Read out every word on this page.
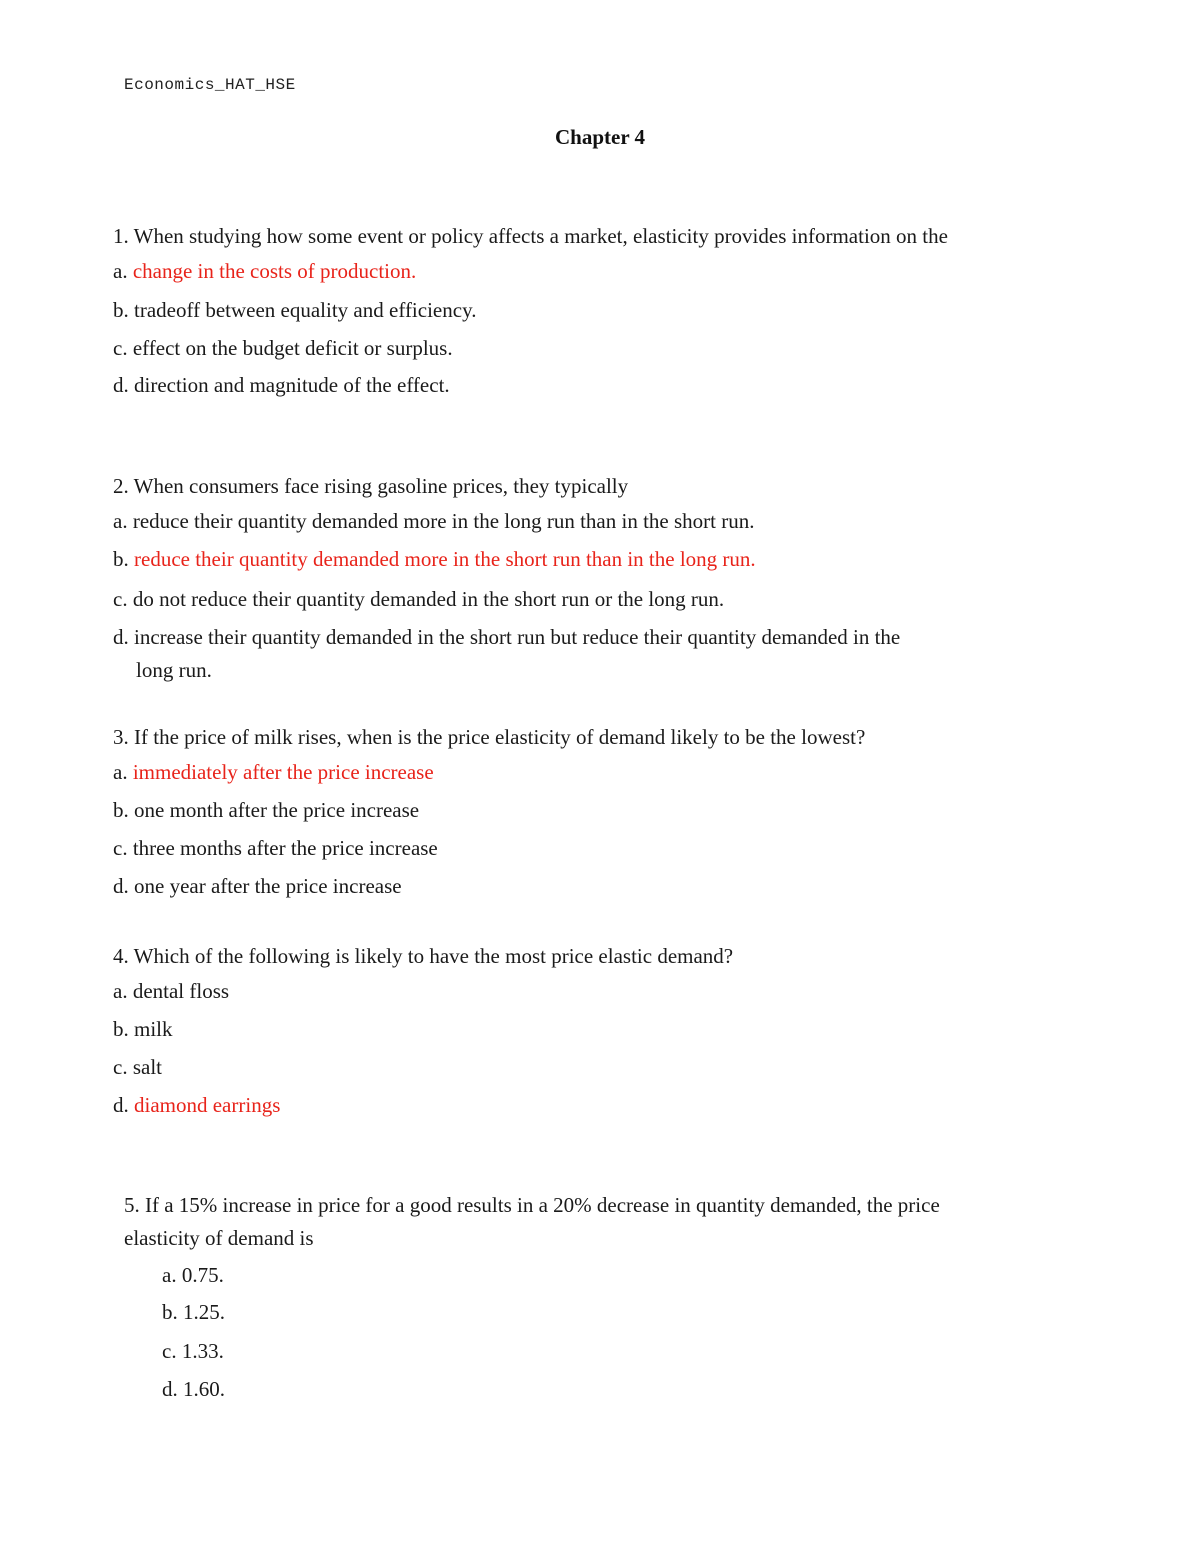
Economics_HAT_HSE
Chapter 4
1. When studying how some event or policy affects a market, elasticity provides information on the
a. change in the costs of production.
b. tradeoff between equality and efficiency.
c. effect on the budget deficit or surplus.
d. direction and magnitude of the effect.
2. When consumers face rising gasoline prices, they typically
a. reduce their quantity demanded more in the long run than in the short run.
b. reduce their quantity demanded more in the short run than in the long run.
c. do not reduce their quantity demanded in the short run or the long run.
d. increase their quantity demanded in the short run but reduce their quantity demanded in the
long run.
3. If the price of milk rises, when is the price elasticity of demand likely to be the lowest?
a. immediately after the price increase
b. one month after the price increase
c. three months after the price increase
d. one year after the price increase
4. Which of the following is likely to have the most price elastic demand?
a. dental floss
b. milk
c. salt
d. diamond earrings
5. If a 15% increase in price for a good results in a 20% decrease in quantity demanded, the price
elasticity of demand is
a. 0.75.
b. 1.25.
c. 1.33.
d. 1.60.
